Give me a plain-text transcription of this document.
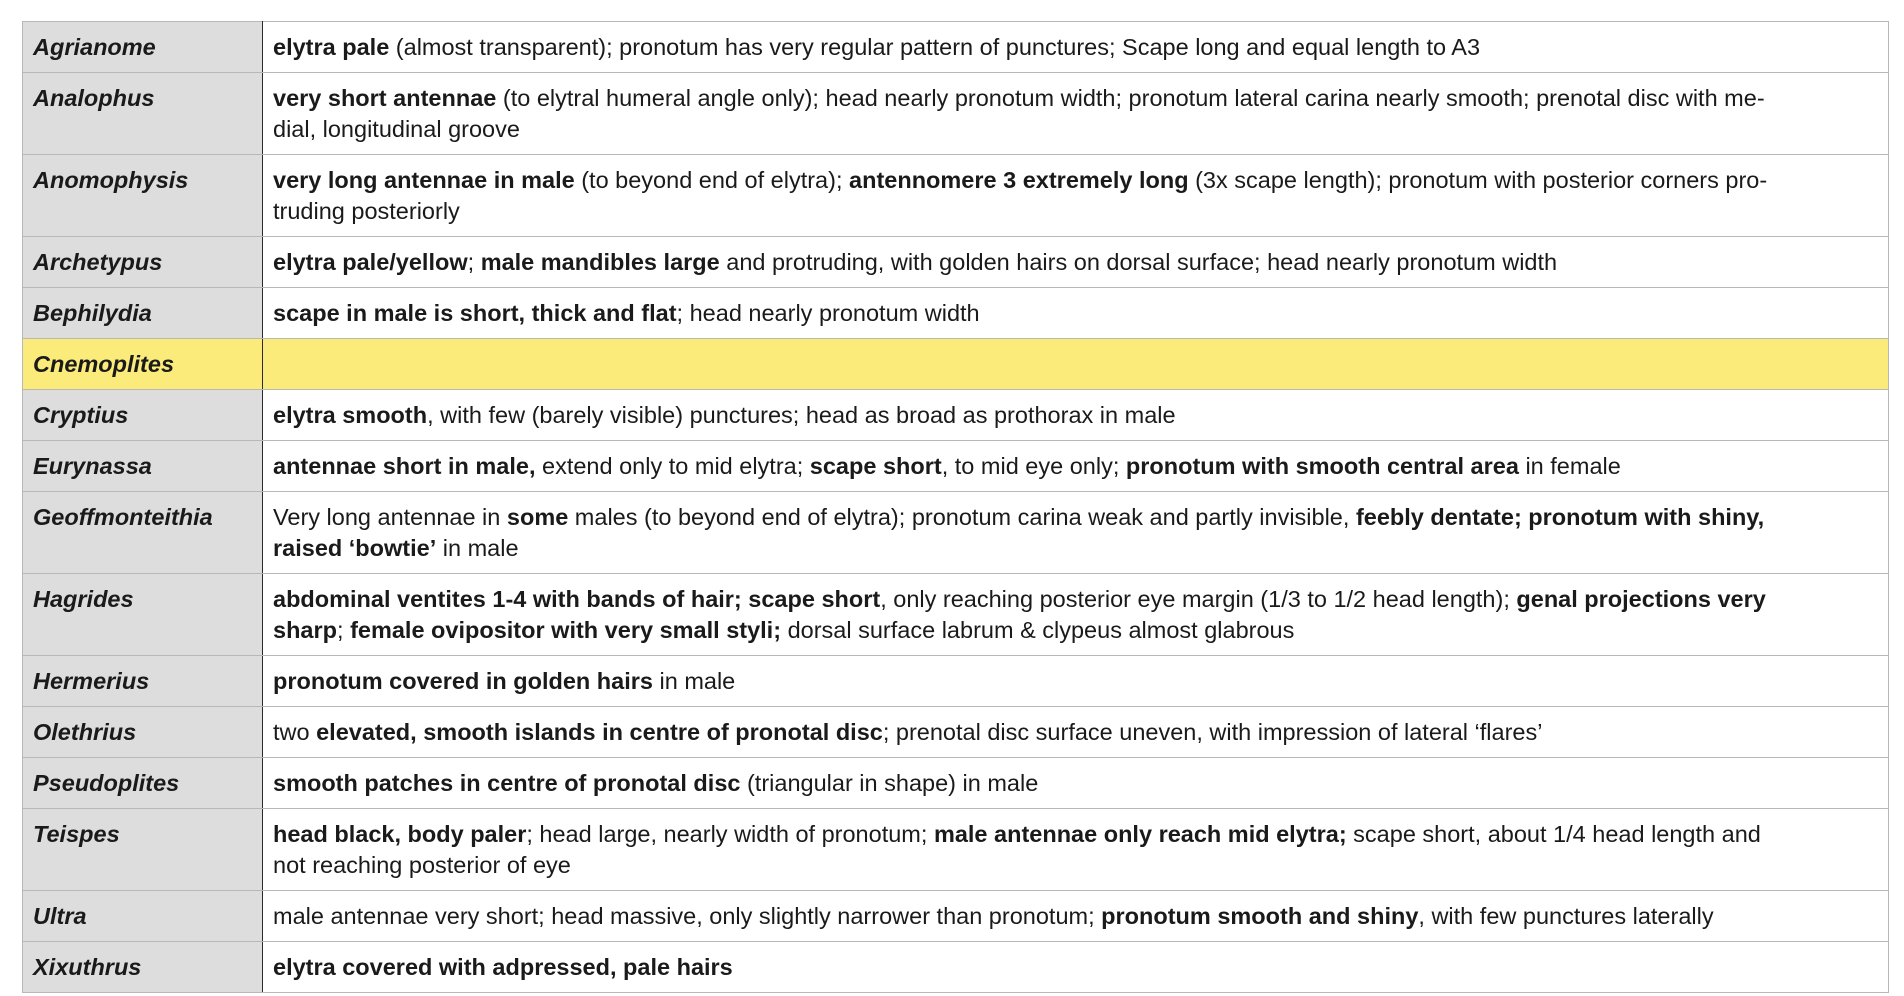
Agrianome	elytra pale (almost transparent); pronotum has very regular pattern of punctures; Scape long and equal length to A3
Analophus	very short antennae (to elytral humeral angle only); head nearly pronotum width; pronotum lateral carina nearly smooth; prenotal disc with me-
dial, longitudinal groove
Anomophysis	very long antennae in male (to beyond end of elytra); antennomere 3 extremely long (3x scape length); pronotum with posterior corners pro-
truding posteriorly
Archetypus	elytra pale/yellow; male mandibles large and protruding, with golden hairs on dorsal surface; head nearly pronotum width
Bephilydia	scape in male is short, thick and flat; head nearly pronotum width
Cnemoplites	
Cryptius	elytra smooth, with few (barely visible) punctures; head as broad as prothorax in male
Eurynassa	antennae short in male, extend only to mid elytra; scape short, to mid eye only; pronotum with smooth central area in female
Geoffmonteithia	Very long antennae in some males (to beyond end of elytra); pronotum carina weak and partly invisible, feebly dentate; pronotum with shiny,
raised ‘bowtie’ in male
Hagrides	abdominal ventites 1-4 with bands of hair; scape short, only reaching posterior eye margin (1/3 to 1/2 head length); genal projections very
sharp; female ovipositor with very small styli; dorsal surface labrum & clypeus almost glabrous
Hermerius	pronotum covered in golden hairs in male
Olethrius	two elevated, smooth islands in centre of pronotal disc; prenotal disc surface uneven, with impression of lateral ‘flares’
Pseudoplites	smooth patches in centre of pronotal disc (triangular in shape) in male
Teispes	head black, body paler; head large, nearly width of pronotum; male antennae only reach mid elytra; scape short, about 1/4 head length and
not reaching posterior of eye
Ultra	male antennae very short; head massive, only slightly narrower than pronotum; pronotum smooth and shiny, with few punctures laterally
Xixuthrus	elytra covered with adpressed, pale hairs
